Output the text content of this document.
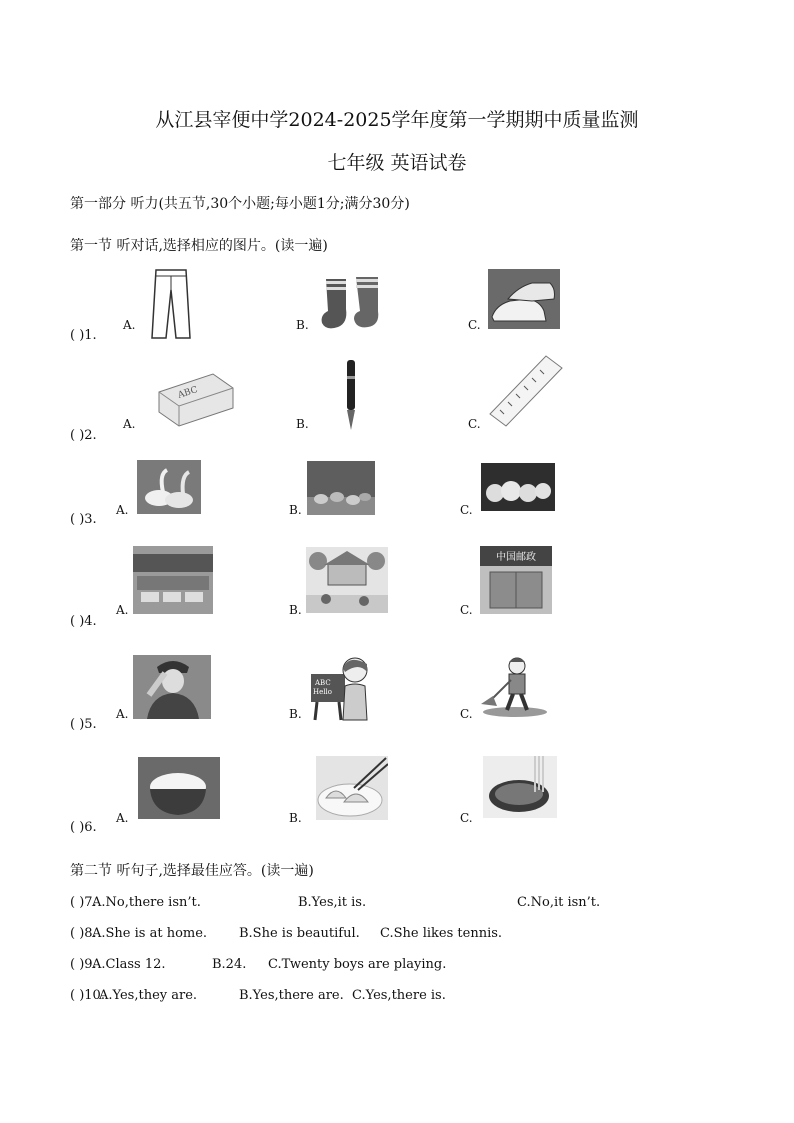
从江县宰便中学2024-2025学年度第一学期期中质量监测
七年级 英语试卷
第一部分 听力(共五节,30个小题;每小题1分;满分30分)
第一节 听对话,选择相应的图片。(读一遍)
( )1.
A.	B.	C.
( )2.
A.	B.	C.
ABC
( )3.
A.	B.	C.
( )4.
A.	B.	C.
中国邮政
( )5.
A.	B.	C.
ABC Hello
( )6.
A.	B.	C.
第二节 听句子,选择最佳应答。(读一遍)
( )7.
A.No,there isn’t.	B.Yes,it is.	C.No,it isn’t.
( )8.
A.She is at home. B.She is beautiful. C.She likes tennis.
( )9.
A.Class 12.	B.24. C.Twenty boys are playing.
( )10.
A.Yes,they are.	B.Yes,there are. C.Yes,there is.
